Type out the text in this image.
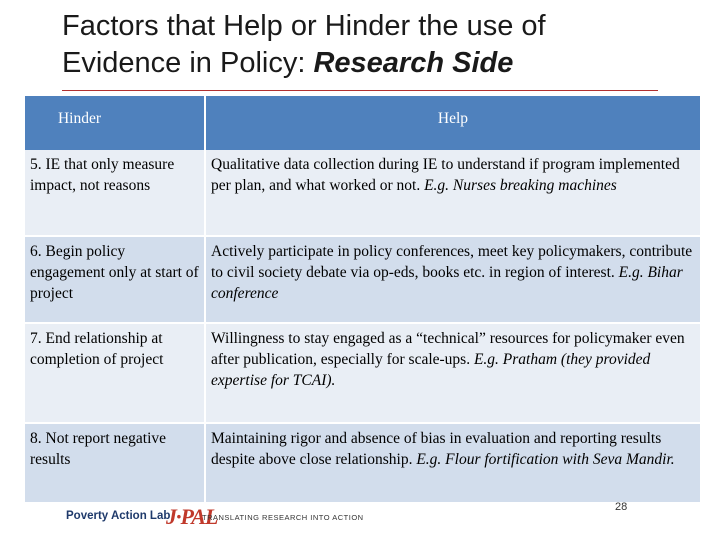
Factors that Help or Hinder the use of
Evidence in Policy: Research Side
Hinder	Help
5. IE that only measure impact, not reasons	Qualitative data collection during IE to understand if program implemented per plan, and what worked or not. E.g. Nurses breaking machines
6. Begin policy engagement only at start of project	Actively participate in policy conferences, meet key policymakers, contribute to civil society debate via op-eds, books etc. in region of interest. E.g. Bihar conference
7. End relationship at completion of project	Willingness to stay engaged as a “technical” resources for policymaker even after publication, especially for scale-ups. E.g. Pratham (they provided expertise for TCAI).
8. Not report negative results	Maintaining rigor and absence of bias in evaluation and reporting results despite above close relationship. E.g. Flour fortification with Seva Mandir.
Poverty Action Lab
J·PAL
TRANSLATING RESEARCH INTO ACTION
28
